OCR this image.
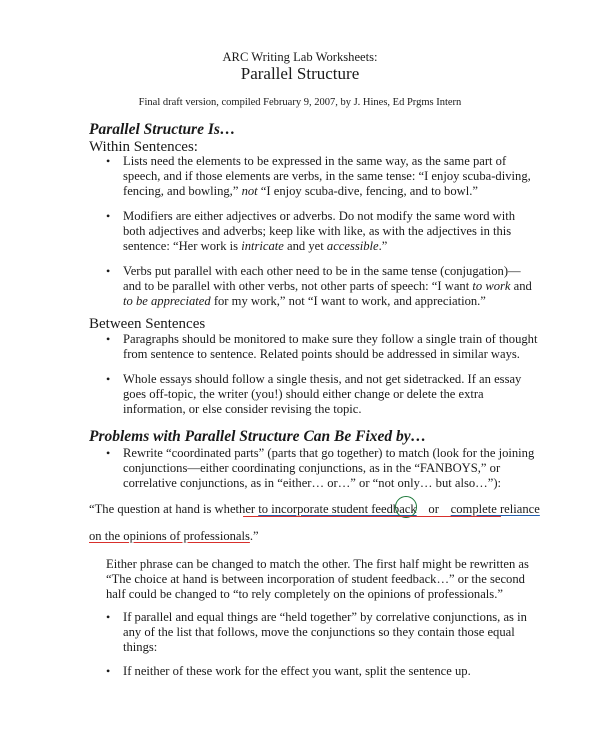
ARC Writing Lab Worksheets:
Parallel Structure
Final draft version, compiled February 9, 2007, by J. Hines, Ed Prgms Intern
Parallel Structure Is…
Within Sentences:
• Lists need the elements to be expressed in the same way, as the same part of
speech, and if those elements are verbs, in the same tense: “I enjoy scuba-diving,
fencing, and bowling,” not “I enjoy scuba-dive, fencing, and to bowl.”
• Modifiers are either adjectives or adverbs. Do not modify the same word with
both adjectives and adverbs; keep like with like, as with the adjectives in this
sentence: “Her work is intricate and yet accessible.”
• Verbs put parallel with each other need to be in the same tense (conjugation)—
and to be parallel with other verbs, not other parts of speech: “I want to work and
to be appreciated for my work,” not “I want to work, and appreciation.”
Between Sentences
• Paragraphs should be monitored to make sure they follow a single train of thought
from sentence to sentence. Related points should be addressed in similar ways.
• Whole essays should follow a single thesis, and not get sidetracked. If an essay
goes off-topic, the writer (you!) should either change or delete the extra
information, or else consider revising the topic.
Problems with Parallel Structure Can Be Fixed by…
• Rewrite “coordinated parts” (parts that go together) to match (look for the joining
conjunctions—either coordinating conjunctions, as in the “FANBOYS,” or
correlative conjunctions, as in “either… or…” or “not only… but also…”):
“The question at hand is whether to incorporate student feedback or complete reliance
on the opinions of professionals.”
Either phrase can be changed to match the other. The first half might be rewritten as
“The choice at hand is between incorporation of student feedback…” or the second
half could be changed to “to rely completely on the opinions of professionals.”
• If parallel and equal things are “held together” by correlative conjunctions, as in
any of the list that follows, move the conjunctions so they contain those equal
things:
• If neither of these work for the effect you want, split the sentence up.
